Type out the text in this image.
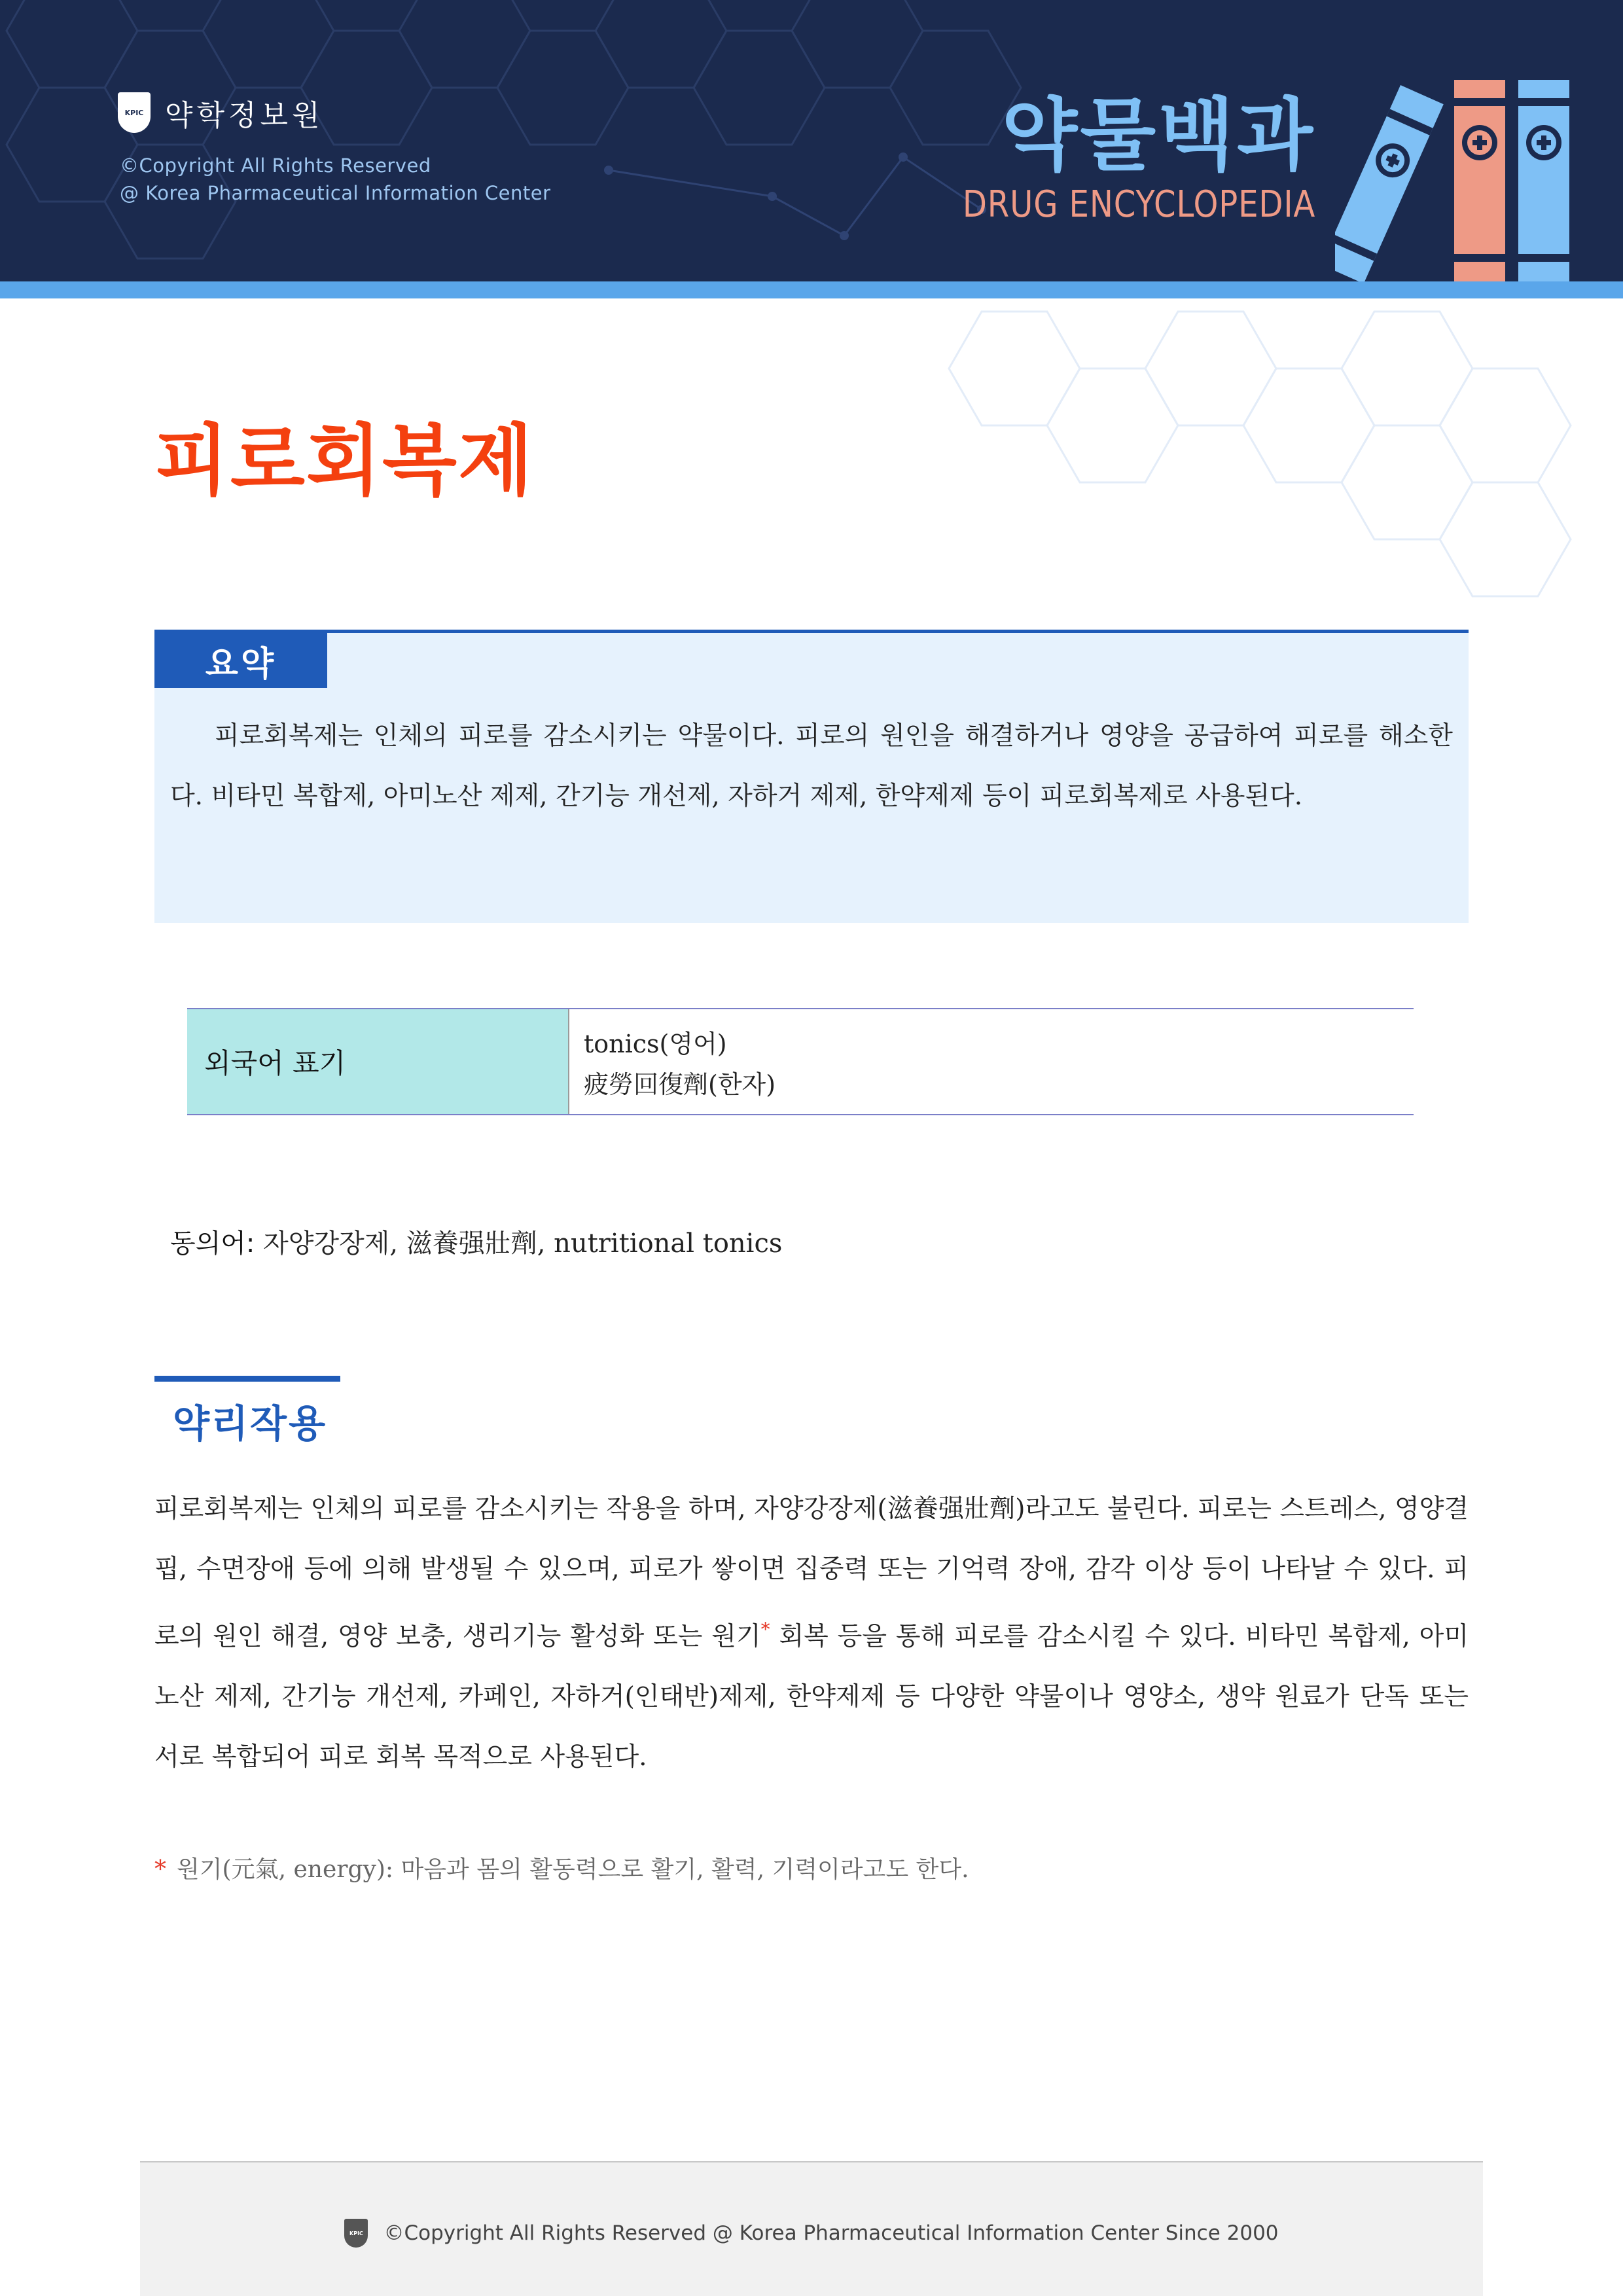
KPIC 약학정보원
©Copyright All Rights Reserved
@ Korea Pharmaceutical Information Center
약물백과
DRUG ENCYCLOPEDIA
피로회복제
요약

피로회복제는 인체의 피로를 감소시키는 약물이다. 피로의 원인을 해결하거나 영양을 공급하여 피로를 해소한다. 비타민 복합제, 아미노산 제제, 간기능 개선제, 자하거 제제, 한약제제 등이 피로회복제로 사용된다.

외국어 표기
tonics(영어)
疲勞回復劑(한자)
동의어: 자양강장제, 滋養强壯劑, nutritional tonics
약리작용

피로회복제는 인체의 피로를 감소시키는 작용을 하며, 자양강장제(滋養强壯劑)라고도 불린다. 피로는 스트레스, 영양결핍, 수면장애 등에 의해 발생될 수 있으며, 피로가 쌓이면 집중력 또는 기억력 장애, 감각 이상 등이 나타날 수 있다. 피로의 원인 해결, 영양 보충, 생리기능 활성화 또는 원기* 회복 등을 통해 피로를 감소시킬 수 있다. 비타민 복합제, 아미노산 제제, 간기능 개선제, 카페인, 자하거(인태반)제제, 한약제제 등 다양한 약물이나 영양소, 생약 원료가 단독 또는 서로 복합되어 피로 회복 목적으로 사용된다.

* 원기(元氣, energy): 마음과 몸의 활동력으로 활기, 활력, 기력이라고도 한다.
KPIC ©Copyright All Rights Reserved @ Korea Pharmaceutical Information Center Since 2000
